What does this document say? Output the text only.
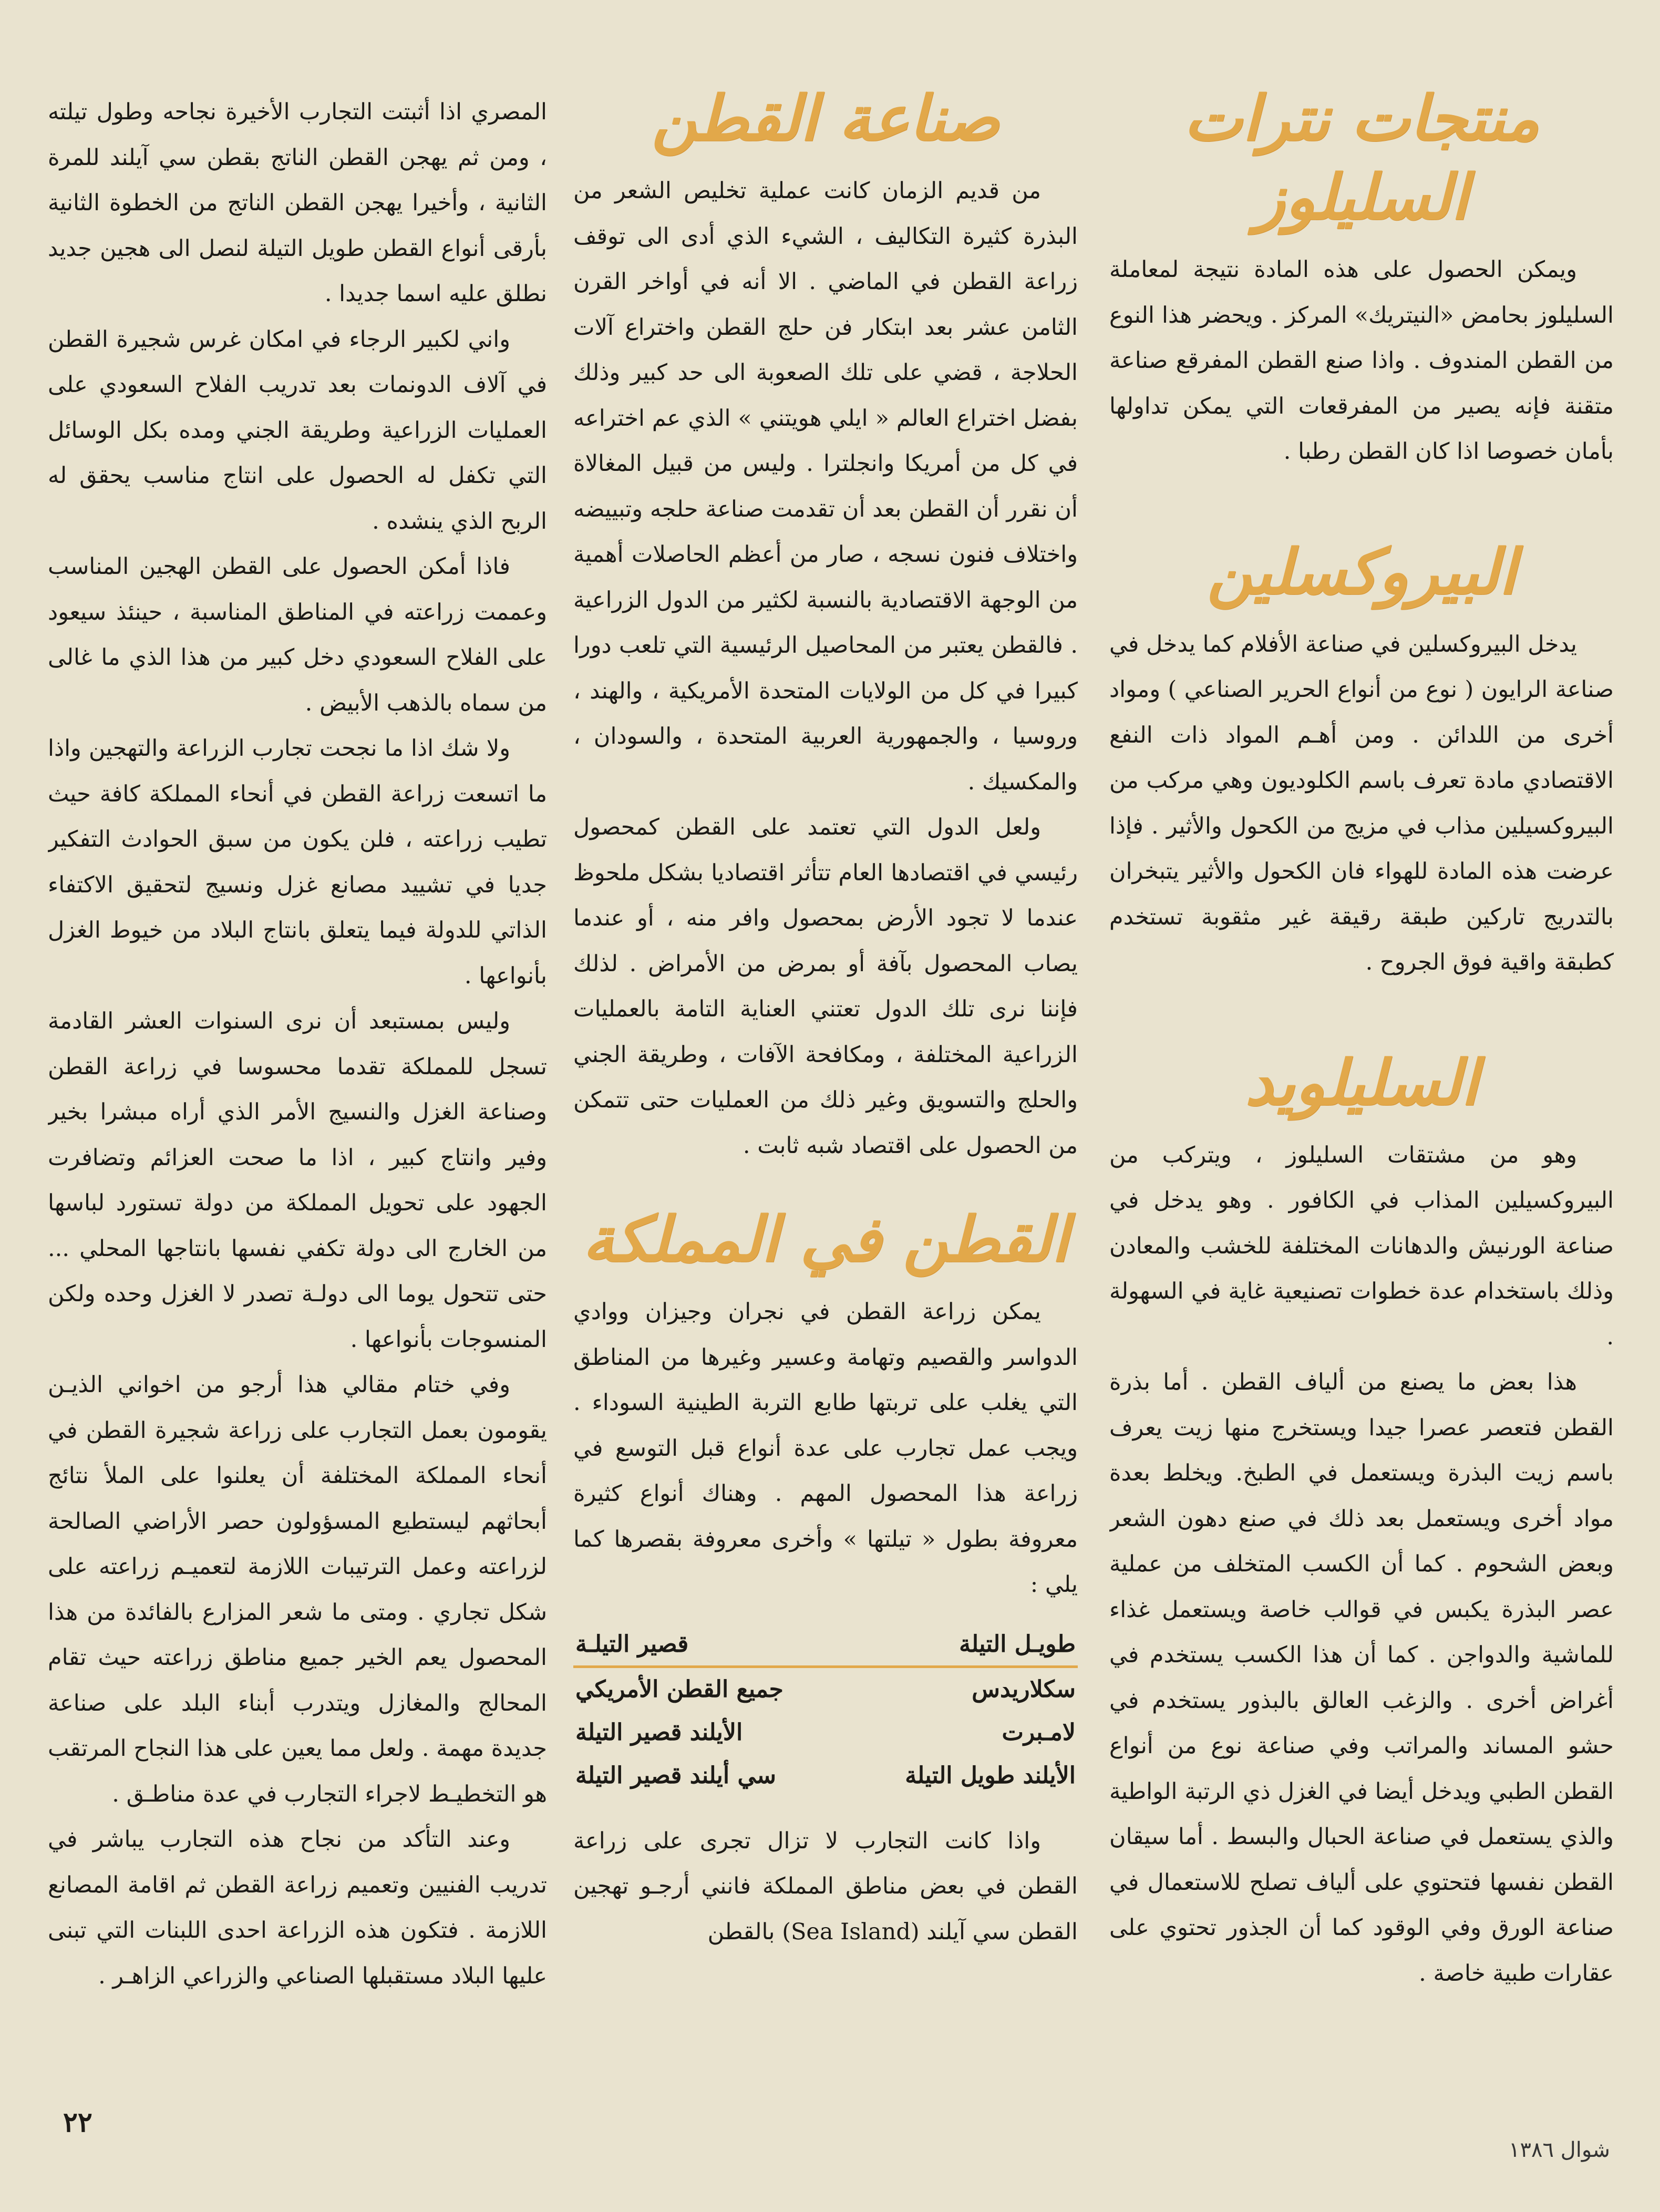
منتجات نترات السليلوز

ويمكن الحصول على هذه المادة نتيجة لمعاملة السليلوز بحامض «النيتريك» المركز . ويحضر هذا النوع من القطن المندوف . واذا صنع القطن المفرقع صناعة متقنة فإنه يصير من المفرقعات التي يمكن تداولها بأمان خصوصا اذا كان القطن رطبا .

البيروكسلين

يدخل البيروكسلين في صناعة الأفلام كما يدخل في صناعة الرايون ( نوع من أنواع الحرير الصناعي ) ومواد أخرى من اللدائن . ومن أهـم المواد ذات النفع الاقتصادي مادة تعرف باسم الكلوديون وهي مركب من البيروكسيلين مذاب في مزيج من الكحول والأثير . فإذا عرضت هذه المادة للهواء فان الكحول والأثير يتبخران بالتدريج تاركين طبقة رقيقة غير مثقوبة تستخدم كطبقة واقية فوق الجروح .

السليلويد

وهو من مشتقات السليلوز ، ويتركب من البيروكسيلين المذاب في الكافور . وهو يدخل في صناعة الورنيش والدهانات المختلفة للخشب والمعادن وذلك باستخدام عدة خطوات تصنيعية غاية في السهولة .

هذا بعض ما يصنع من ألياف القطن . أما بذرة القطن فتعصر عصرا جيدا ويستخرج منها زيت يعرف باسم زيت البذرة ويستعمل في الطبخ. ويخلط بعدة مواد أخرى ويستعمل بعد ذلك في صنع دهون الشعر وبعض الشحوم . كما أن الكسب المتخلف من عملية عصر البذرة يكبس في قوالب خاصة ويستعمل غذاء للماشية والدواجن . كما أن هذا الكسب يستخدم في أغراض أخرى . والزغب العالق بالبذور يستخدم في حشو المساند والمراتب وفي صناعة نوع من أنواع القطن الطبي ويدخل أيضا في الغزل ذي الرتبة الواطية والذي يستعمل في صناعة الحبال والبسط . أما سيقان القطن نفسها فتحتوي على ألياف تصلح للاستعمال في صناعة الورق وفي الوقود كما أن الجذور تحتوي على عقارات طبية خاصة .

صناعة القطن

من قديم الزمان كانت عملية تخليص الشعر من البذرة كثيرة التكاليف ، الشيء الذي أدى الى توقف زراعة القطن في الماضي . الا أنه في أواخر القرن الثامن عشر بعد ابتكار فن حلج القطن واختراع آلات الحلاجة ، قضي على تلك الصعوبة الى حد كبير وذلك بفضل اختراع العالم « ايلي هويتني » الذي عم اختراعه في كل من أمريكا وانجلترا . وليس من قبيل المغالاة أن نقرر أن القطن بعد أن تقدمت صناعة حلجه وتبييضه واختلاف فنون نسجه ، صار من أعظم الحاصلات أهمية من الوجهة الاقتصادية بالنسبة لكثير من الدول الزراعية . فالقطن يعتبر من المحاصيل الرئيسية التي تلعب دورا كبيرا في كل من الولايات المتحدة الأمريكية ، والهند ، وروسيا ، والجمهورية العربية المتحدة ، والسودان ، والمكسيك .

ولعل الدول التي تعتمد على القطن كمحصول رئيسي في اقتصادها العام تتأثر اقتصاديا بشكل ملحوظ عندما لا تجود الأرض بمحصول وافر منه ، أو عندما يصاب المحصول بآفة أو بمرض من الأمراض . لذلك فإننا نرى تلك الدول تعتني العناية التامة بالعمليات الزراعية المختلفة ، ومكافحة الآفات ، وطريقة الجني والحلج والتسويق وغير ذلك من العمليات حتى تتمكن من الحصول على اقتصاد شبه ثابت .

القطن في المملكة

يمكن زراعة القطن في نجران وجيزان ووادي الدواسر والقصيم وتهامة وعسير وغيرها من المناطق التي يغلب على تربتها طابع التربة الطينية السوداء . ويجب عمل تجارب على عدة أنواع قبل التوسع في زراعة هذا المحصول المهم . وهناك أنواع كثيرة معروفة بطول « تيلتها » وأخرى معروفة بقصرها كما يلي :

طويـل التيلة	قصير التيلـة
سكلاريدس	جميع القطن الأمريكي
لامـبرت	الأيلند قصير التيلة
الأيلند طويل التيلة	سي أيلند قصير التيلة

واذا كانت التجارب لا تزال تجرى على زراعة القطن في بعض مناطق المملكة فانني أرجـو تهجين القطن سي آيلند (Sea Island) بالقطن

المصري اذا أثبتت التجارب الأخيرة نجاحه وطول تيلته ، ومن ثم يهجن القطن الناتج بقطن سي آيلند للمرة الثانية ، وأخيرا يهجن القطن الناتج من الخطوة الثانية بأرقى أنواع القطن طويل التيلة لنصل الى هجين جديد نطلق عليه اسما جديدا .

واني لكبير الرجاء في امكان غرس شجيرة القطن في آلاف الدونمات بعد تدريب الفلاح السعودي على العمليات الزراعية وطريقة الجني ومده بكل الوسائل التي تكفل له الحصول على انتاج مناسب يحقق له الربح الذي ينشده .

فاذا أمكن الحصول على القطن الهجين المناسب وعممت زراعته في المناطق المناسبة ، حينئذ سيعود على الفلاح السعودي دخل كبير من هذا الذي ما غالى من سماه بالذهب الأبيض .

ولا شك اذا ما نجحت تجارب الزراعة والتهجين واذا ما اتسعت زراعة القطن في أنحاء المملكة كافة حيث تطيب زراعته ، فلن يكون من سبق الحوادث التفكير جديا في تشييد مصانع غزل ونسيج لتحقيق الاكتفاء الذاتي للدولة فيما يتعلق بانتاج البلاد من خيوط الغزل بأنواعها .

وليس بمستبعد أن نرى السنوات العشر القادمة تسجل للمملكة تقدما محسوسا في زراعة القطن وصناعة الغزل والنسيج الأمر الذي أراه مبشرا بخير وفير وانتاج كبير ، اذا ما صحت العزائم وتضافرت الجهود على تحويل المملكة من دولة تستورد لباسها من الخارج الى دولة تكفي نفسها بانتاجها المحلي ... حتى تتحول يوما الى دولـة تصدر لا الغزل وحده ولكن المنسوجات بأنواعها .

وفي ختام مقالي هذا أرجو من اخواني الذيـن يقومون بعمل التجارب على زراعة شجيرة القطن في أنحاء المملكة المختلفة أن يعلنوا على الملأ نتائج أبحاثهم ليستطيع المسؤولون حصر الأراضي الصالحة لزراعته وعمل الترتيبات اللازمة لتعميـم زراعته على شكل تجاري . ومتى ما شعر المزارع بالفائدة من هذا المحصول يعم الخير جميع مناطق زراعته حيث تقام المحالج والمغازل ويتدرب أبناء البلد على صناعة جديدة مهمة . ولعل مما يعين على هذا النجاح المرتقب هو التخطيـط لاجراء التجارب في عدة مناطـق .

وعند التأكد من نجاح هذه التجارب يباشر في تدريب الفنيين وتعميم زراعة القطن ثم اقامة المصانع اللازمة . فتكون هذه الزراعة احدى اللبنات التي تبنى عليها البلاد مستقبلها الصناعي والزراعي الزاهـر .

٢٢
شوال ١٣٨٦
